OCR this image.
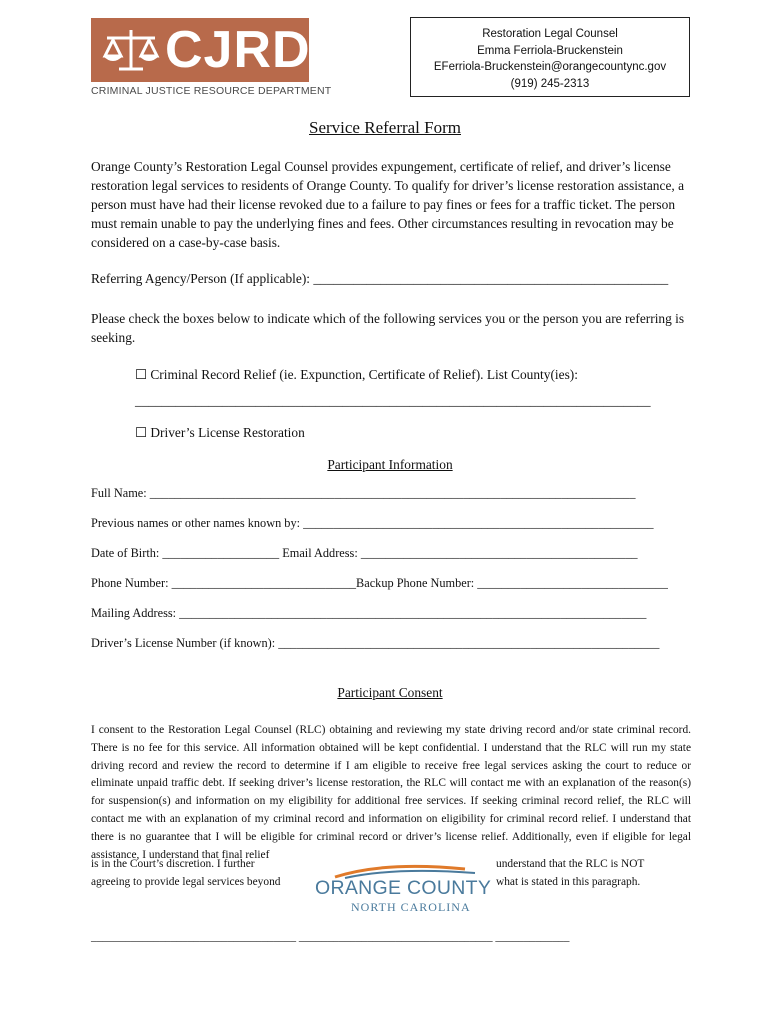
CJRD
CRIMINAL JUSTICE RESOURCE DEPARTMENT
Restoration Legal Counsel
Emma Ferriola-Bruckenstein
EFerriola-Bruckenstein@orangecountync.gov
(919) 245-2313
Service Referral Form

Orange County’s Restoration Legal Counsel provides expungement, certificate of relief, and driver’s license restoration legal services to residents of Orange County. To qualify for driver’s license restoration assistance, a person must have had their license revoked due to a failure to pay fines or fees for a traffic ticket. The person must remain unable to pay the underlying fines and fees. Other circumstances resulting in revocation may be considered on a case-by-case basis.

Referring Agency/Person (If applicable): _____________________________________________________

Please check the boxes below to indicate which of the following services you or the person you are referring is seeking.

☐ Criminal Record Relief (ie. Expunction, Certificate of Relief). List County(ies):

_____________________________________________________________________________

☐ Driver’s License Restoration

Participant Information

Full Name: _______________________________________________________________________________

Previous names or other names known by: _________________________________________________________

Date of Birth: ___________________ Email Address: _____________________________________________

Phone Number: ______________________________Backup Phone Number: _______________________________

Mailing Address: ____________________________________________________________________________

Driver’s License Number (if known): ______________________________________________________________

Participant Consent

I consent to the Restoration Legal Counsel (RLC) obtaining and reviewing my state driving record and/or state criminal record. There is no fee for this service. All information obtained will be kept confidential. I understand that the RLC will run my state driving record and review the record to determine if I am eligible to receive free legal services asking the court to reduce or eliminate unpaid traffic debt. If seeking driver’s license restoration, the RLC will contact me with an explanation of the reason(s) for suspension(s) and information on my eligibility for additional free services. If seeking criminal record relief, the RLC will contact me with an explanation of my criminal record and information on eligibility for criminal record relief. I understand that there is no guarantee that I will be eligible for criminal record or driver’s license relief. Additionally, even if eligible for legal assistance, I understand that final relief

is in the Court’s discretion. I further	understand that the RLC is NOT

agreeing to provide legal services beyond	what is stated in this paragraph.

ORANGE COUNTY
NORTH CAROLINA

____________________________________ __________________________________ _____________
